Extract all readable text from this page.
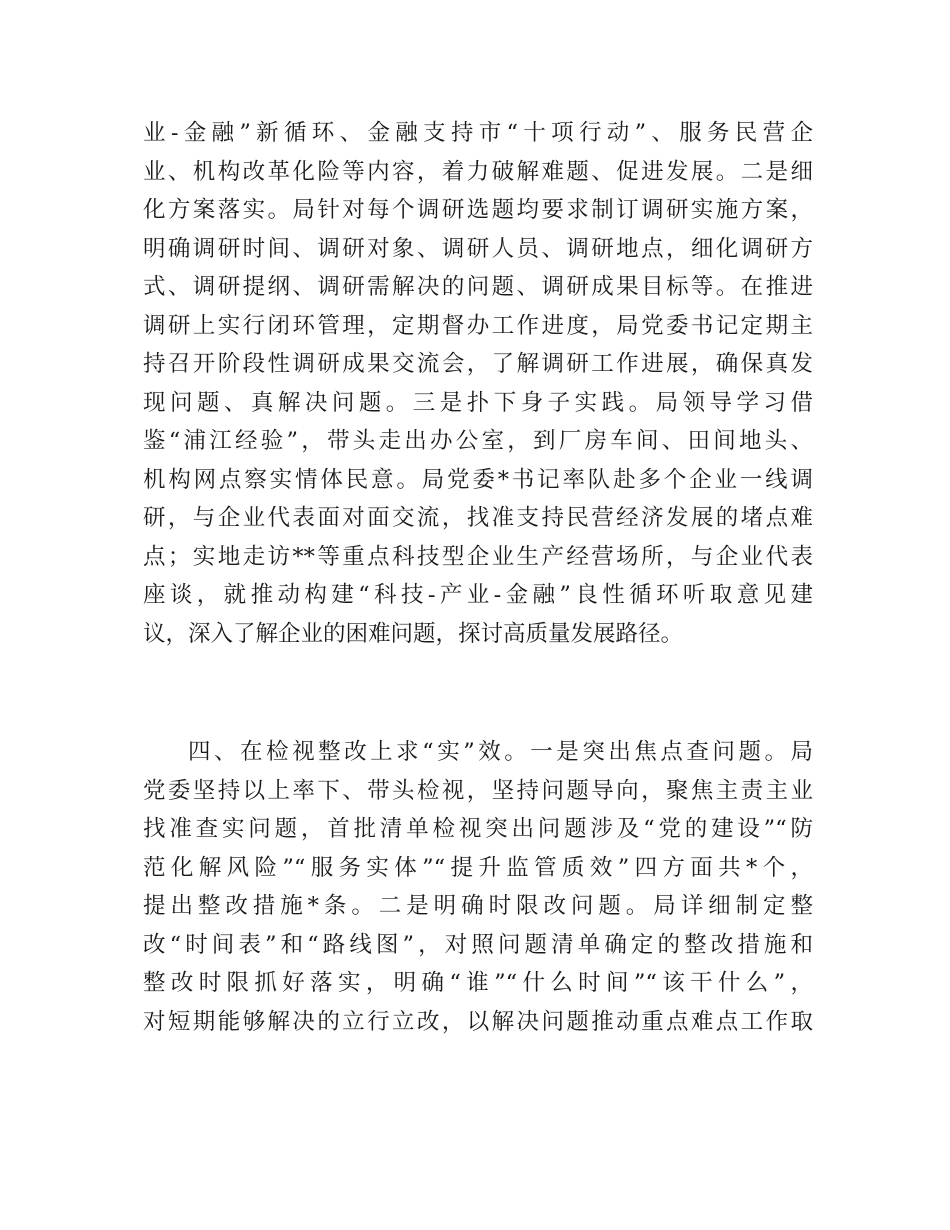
业-金融”新循环、金融支持市“十项行动”、服务民营企
业、机构改革化险等内容，着力破解难题、促进发展。二是细
化方案落实。局针对每个调研选题均要求制订调研实施方案，
明确调研时间、调研对象、调研人员、调研地点，细化调研方
式、调研提纲、调研需解决的问题、调研成果目标等。在推进
调研上实行闭环管理，定期督办工作进度，局党委书记定期主
持召开阶段性调研成果交流会，了解调研工作进展，确保真发
现问题、真解决问题。三是扑下身子实践。局领导学习借
鉴“浦江经验”，带头走出办公室，到厂房车间、田间地头、
机构网点察实情体民意。局党委*书记率队赴多个企业一线调
研，与企业代表面对面交流，找准支持民营经济发展的堵点难
点；实地走访**等重点科技型企业生产经营场所，与企业代表
座谈，就推动构建“科技-产业-金融”良性循环听取意见建
议，深入了解企业的困难问题，探讨高质量发展路径。
四、在检视整改上求“实”效。一是突出焦点查问题。局
党委坚持以上率下、带头检视，坚持问题导向，聚焦主责主业
找准查实问题，首批清单检视突出问题涉及“党的建设”“防
范化解风险”“服务实体”“提升监管质效”四方面共*个，
提出整改措施*条。二是明确时限改问题。局详细制定整
改“时间表”和“路线图”，对照问题清单确定的整改措施和
整改时限抓好落实，明确“谁”“什么时间”“该干什么”，
对短期能够解决的立行立改，以解决问题推动重点难点工作取
